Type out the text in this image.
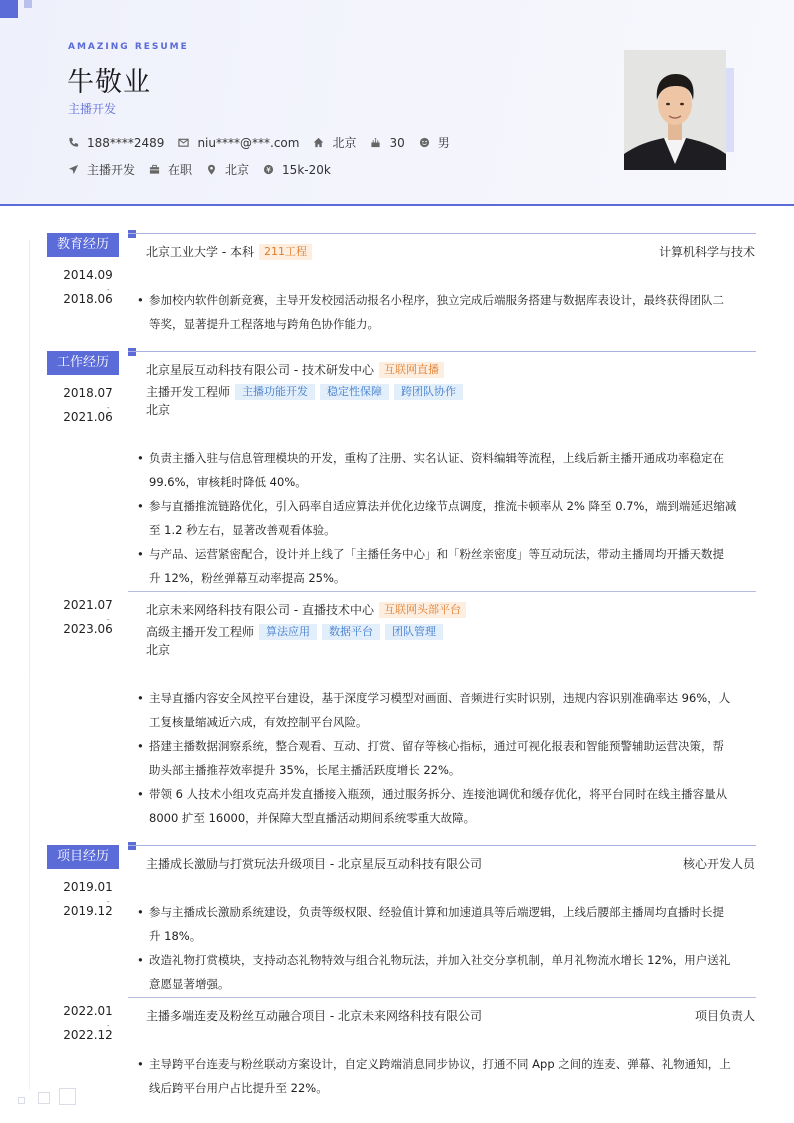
AMAZING RESUME
牛敬业
主播开发
188****2489	niu****@***.com	北京	30	男
主播开发	在职	北京	15k-20k
教育经历
2014.09
-
2018.06
北京工业大学 - 本科 211工程	计算机科学与技术
• 参加校内软件创新竞赛，主导开发校园活动报名小程序，独立完成后端服务搭建与数据库表设计，最终获得团队二
等奖，显著提升工程落地与跨角色协作能力。
工作经历
2018.07
-
2021.06
北京星辰互动科技有限公司 - 技术研发中心 互联网直播
主播开发工程师	主播功能开发	稳定性保障	跨团队协作
北京
• 负责主播入驻与信息管理模块的开发，重构了注册、实名认证、资料编辑等流程，上线后新主播开通成功率稳定在
99.6%，审核耗时降低 40%。
• 参与直播推流链路优化，引入码率自适应算法并优化边缘节点调度，推流卡顿率从 2% 降至 0.7%，端到端延迟缩减
至 1.2 秒左右，显著改善观看体验。
• 与产品、运营紧密配合，设计并上线了「主播任务中心」和「粉丝亲密度」等互动玩法，带动主播周均开播天数提
升 12%，粉丝弹幕互动率提高 25%。
2021.07
-
2023.06
北京未来网络科技有限公司 - 直播技术中心 互联网头部平台
高级主播开发工程师	算法应用	数据平台	团队管理
北京
• 主导直播内容安全风控平台建设，基于深度学习模型对画面、音频进行实时识别，违规内容识别准确率达 96%，人
工复核量缩减近六成，有效控制平台风险。
• 搭建主播数据洞察系统，整合观看、互动、打赏、留存等核心指标，通过可视化报表和智能预警辅助运营决策，帮
助头部主播推荐效率提升 35%，长尾主播活跃度增长 22%。
• 带领 6 人技术小组攻克高并发直播接入瓶颈，通过服务拆分、连接池调优和缓存优化，将平台同时在线主播容量从
8000 扩至 16000，并保障大型直播活动期间系统零重大故障。
项目经历
2019.01
-
2019.12
主播成长激励与打赏玩法升级项目 - 北京星辰互动科技有限公司	核心开发人员
• 参与主播成长激励系统建设，负责等级权限、经验值计算和加速道具等后端逻辑，上线后腰部主播周均直播时长提
升 18%。
• 改造礼物打赏模块，支持动态礼物特效与组合礼物玩法，并加入社交分享机制，单月礼物流水增长 12%，用户送礼
意愿显著增强。
2022.01
-
2022.12
主播多端连麦及粉丝互动融合项目 - 北京未来网络科技有限公司	项目负责人
• 主导跨平台连麦与粉丝联动方案设计，自定义跨端消息同步协议，打通不同 App 之间的连麦、弹幕、礼物通知，上
线后跨平台用户占比提升至 22%。
